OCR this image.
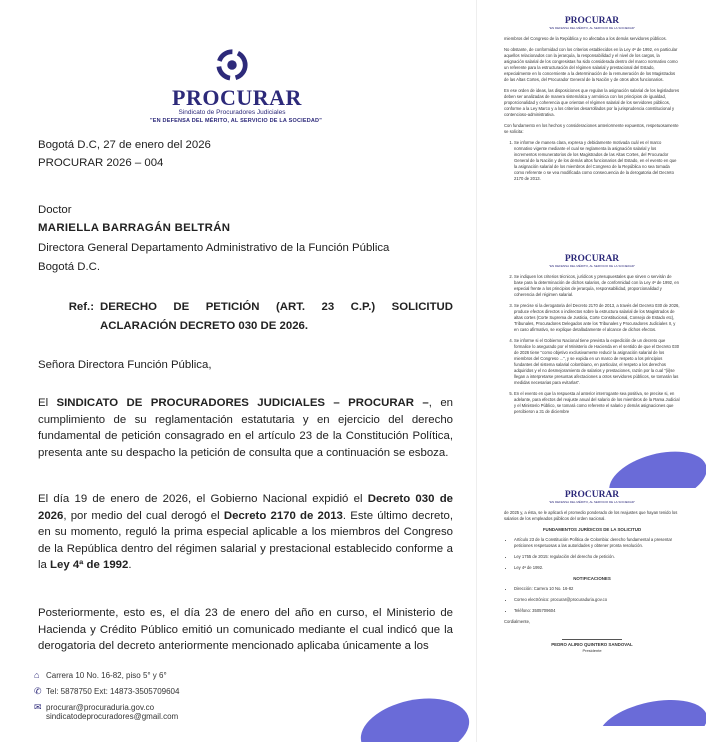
PROCURAR
Sindicato de Procuradores Judiciales
"EN DEFENSA DEL MÉRITO, AL SERVICIO DE LA SOCIEDAD"
Bogotá D.C, 27 de enero del 2026
PROCURAR 2026 – 004
Doctor
MARIELLA BARRAGÁN BELTRÁN
Directora General Departamento Administrativo de la Función Pública
Bogotá D.C.
Ref.: DERECHO DE PETICIÓN (ART. 23 C.P.) SOLICITUD
ACLARACIÓN DECRETO 030 DE 2026.
Señora Directora Función Pública,
El SINDICATO DE PROCURADORES JUDICIALES – PROCURAR –, en cumplimiento de su reglamentación estatutaria y en ejercicio del derecho fundamental de petición consagrado en el artículo 23 de la Constitución Política, presenta ante su despacho la petición de consulta que a continuación se esboza.
El día 19 de enero de 2026, el Gobierno Nacional expidió el Decreto 030 de 2026, por medio del cual derogó el Decreto 2170 de 2013. Este último decreto, en su momento, reguló la prima especial aplicable a los miembros del Congreso de la República dentro del régimen salarial y prestacional establecido conforme a la Ley 4ª de 1992.
Posteriormente, esto es, el día 23 de enero del año en curso, el Ministerio de Hacienda y Crédito Público emitió un comunicado mediante el cual indicó que la derogatoria del decreto anteriormente mencionado aplicaba únicamente a los
⌂ Carrera 10 No. 16-82, piso 5° y 6°
✆ Tel: 5878750 Ext: 14873-3505709604
✉ procurar@procuraduria.gov.co
sindicatodeprocuradores@gmail.com
PROCURAR
"EN DEFENSA DEL MÉRITO, AL SERVICIO DE LA SOCIEDAD"

miembros del Congreso de la República y no afectaba a los demás servidores públicos.

No obstante, de conformidad con los criterios establecidos en la Ley 4ª de 1992, en particular aquellos relacionados con la jerarquía, la responsabilidad y el nivel de los cargos, la asignación salarial de los congresistas ha sido considerada dentro del marco normativo como un referente para la estructuración del régimen salarial y prestacional del Estado, especialmente en lo concerniente a la determinación de la remuneración de los Magistrados de las Altas Cortes, del Procurador General de la Nación y de otros altos funcionarios.

En ese orden de ideas, las disposiciones que regulan la asignación salarial de los legisladores deben ser analizadas de manera sistemática y armónica con los principios de igualdad, proporcionalidad y coherencia que orientan el régimen salarial de los servidores públicos, conforme a la Ley Marco y a los criterios desarrollados por la jurisprudencia constitucional y contencioso-administrativa.

Con fundamento en los hechos y consideraciones anteriormente expuestos, respetuosamente se solicita:

1. Se informe de manera clara, expresa y debidamente motivada cuál es el marco normativo vigente mediante el cual se reglamenta la asignación salarial y los incrementos remuneratorios de los Magistrados de las Altas Cortes, del Procurador General de la Nación y de los demás altos funcionarios del Estado, en el evento en que la asignación salarial de los miembros del Congreso de la República no sea tomada como referente o se vea modificada como consecuencia de la derogatoria del Decreto 2170 de 2013.
PROCURAR
"EN DEFENSA DEL MÉRITO, AL SERVICIO DE LA SOCIEDAD"
2. Se indiquen los criterios técnicos, jurídicos y presupuestales que sirven o servirán de base para la determinación de dichos salarios, de conformidad con la Ley 4ª de 1992, en especial frente a los principios de jerarquía, responsabilidad, proporcionalidad y coherencia del régimen salarial.
3. Se precise si la derogatoria del Decreto 2170 de 2013, a través del Decreto 030 de 2026, produce efectos directos o indirectos sobre la estructura salarial de los Magistrados de altas cortes (Corte Suprema de Justicia, Corte Constitucional, Consejo de Estado etc), Tribunales, Procuradores Delegados ante los Tribunales y Procuradores Judiciales II, y en caso afirmativo, se explique detalladamente el alcance de dichos efectos.
4. Se informe si el Gobierno Nacional tiene prevista la expedición de un decreto que formalice lo asegurado por el Ministerio de Hacienda en el sentido de que el Decreto 030 de 2026 tiene "como objetivo exclusivamente reducir la asignación salarial de los miembros del Congreso ...", y se expida en un marco de respeto a los principios fundantes del sistema salarial colombiano, en particular, el respeto a los derechos adquiridos y el no desmejoramiento de salarios y prestaciones, razón por la cual "(ii)se llegan a interpretarse presuntas afectaciones a otros servidores públicos, se tomarán las medidas necesarias para evitarlas".
5. En el evento en que la respuesta al anterior interrogante sea positiva, se precise si, en adelante, para efectos del reajuste anual del salario de los miembros de la Rama Judicial y el Ministerio Público, se tomará como referente el salario y demás asignaciones que percibieron a 31 de diciembre
PROCURAR
"EN DEFENSA DEL MÉRITO, AL SERVICIO DE LA SOCIEDAD"

de 2025 y, a ésta, se le aplicará el promedio ponderado de los reajustes que hayan tenido los salarios de los empleados públicos del orden nacional.

FUNDAMENTOS JURÍDICOS DE LA SOLICITUD
• Artículo 23 de la Constitución Política de Colombia: derecho fundamental a presentar peticiones respetuosas a las autoridades y obtener pronta resolución.
• Ley 1755 de 2015: regulación del derecho de petición.
• Ley 4ª de 1992.
NOTIFICACIONES
• Dirección: Carrera 10 No. 16-82
• Correo electrónico: procurar@procuraduria.gov.co
• Teléfono: 3505709604

Cordialmente,

PEDRO ALIRIO QUINTERO SANDOVAL
Presidente
